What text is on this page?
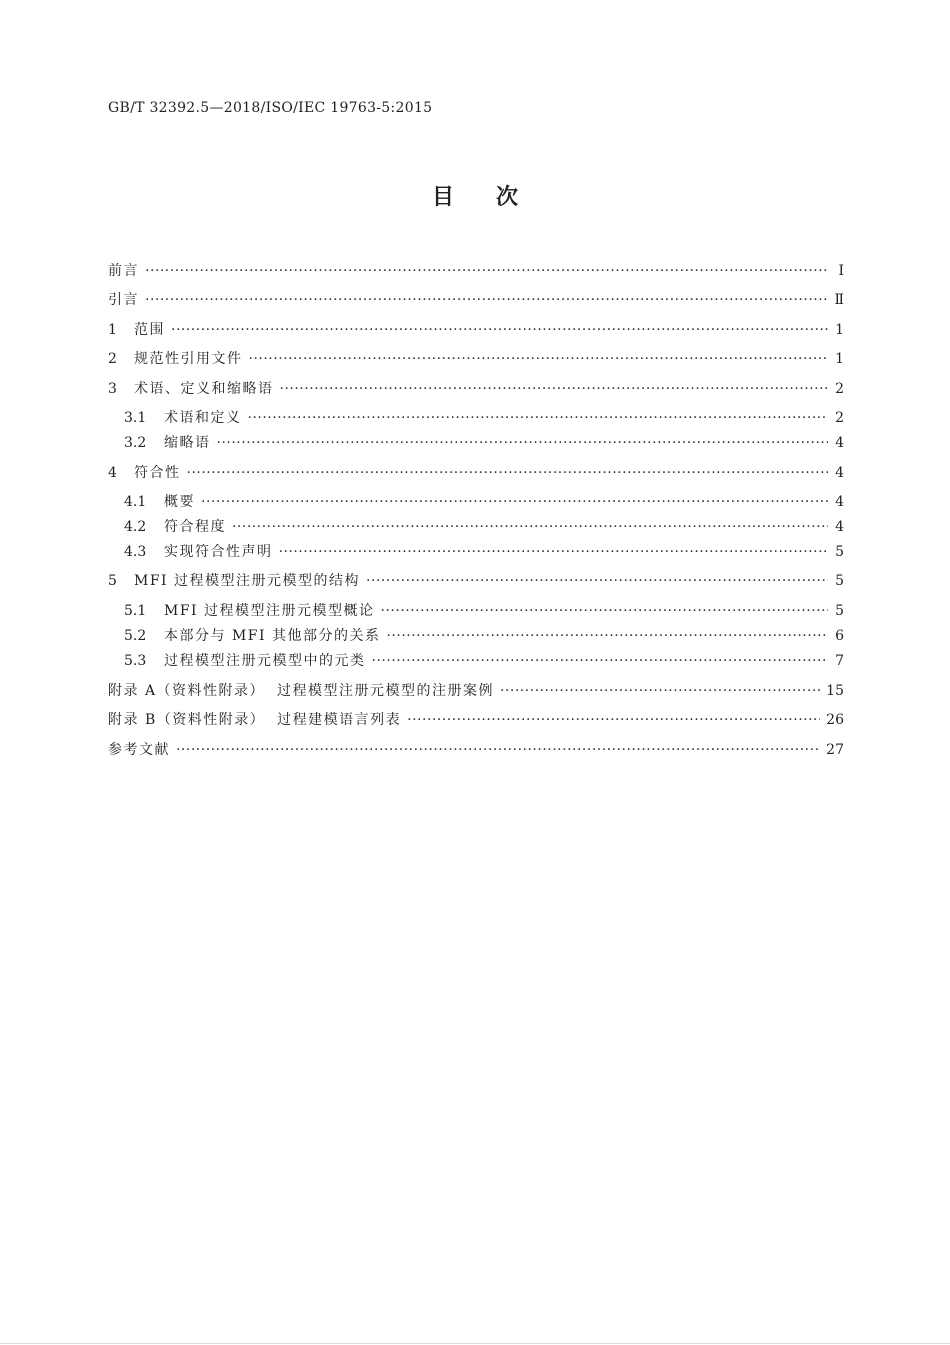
GB/T 32392.5—2018/ISO/IEC 19763-5:2015
目次
前言 ·····	Ⅰ
引言 ·····	Ⅱ
1	范围 ·····	1
2	规范性引用文件 ·····	1
3	术语、定义和缩略语 ·····	2
3.1	术语和定义 ·····	2
3.2	缩略语 ·····	4
4	符合性 ·····	4
4.1	概要 ·····	4
4.2	符合程度 ·····	4
4.3	实现符合性声明 ·····	5
5	MFI 过程模型注册元模型的结构 ·····	5
5.1	MFI 过程模型注册元模型概论 ·····	5
5.2	本部分与 MFI 其他部分的关系 ·····	6
5.3	过程模型注册元模型中的元类 ·····	7
附录 A（资料性附录）  过程模型注册元模型的注册案例 ·····	15
附录 B（资料性附录）  过程建模语言列表 ·····	26
参考文献 ·····	27
